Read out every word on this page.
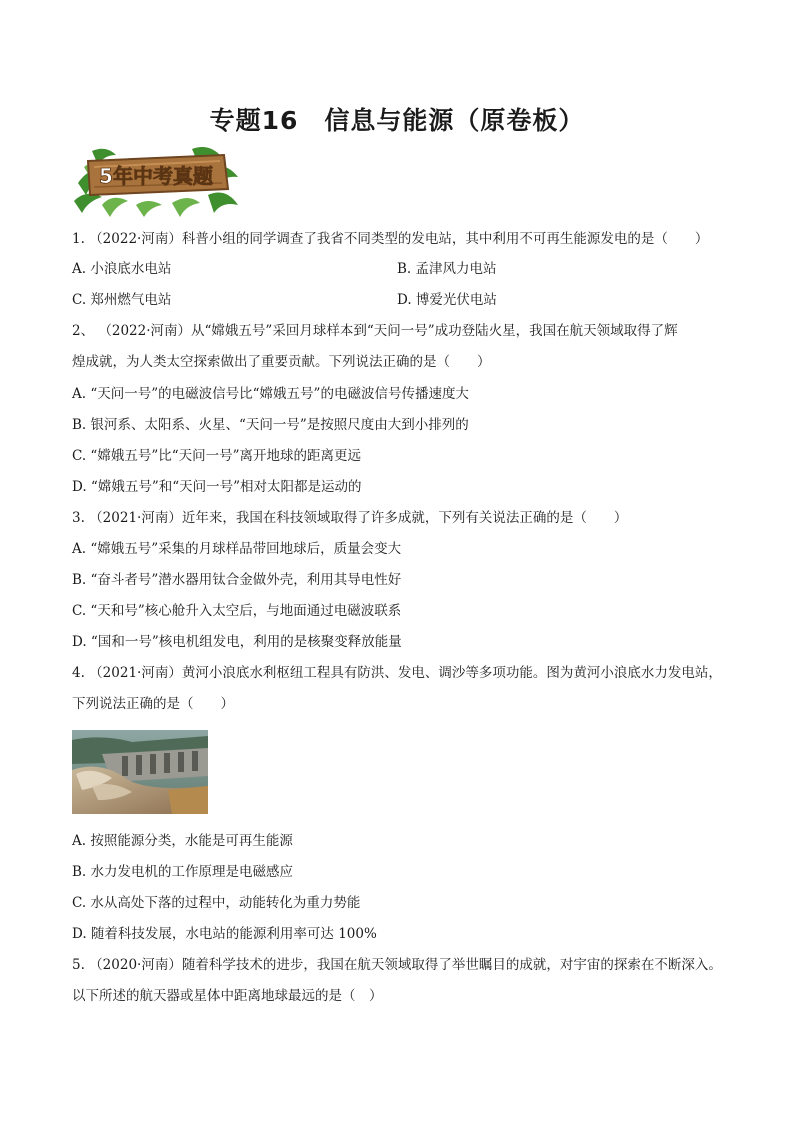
专题16　信息与能源（原卷板）
5年中考真题
1. （2022·河南）科普小组的同学调查了我省不同类型的发电站，其中利用不可再生能源发电的是（　　）
A. 小浪底水电站	B. 孟津风力电站
C. 郑州燃气电站	D. 博爱光伏电站
2、 （2022·河南）从“嫦娥五号”采回月球样本到“天问一号”成功登陆火星，我国在航天领域取得了辉
煌成就，为人类太空探索做出了重要贡献。下列说法正确的是（　　）
A. “天问一号”的电磁波信号比“嫦娥五号”的电磁波信号传播速度大
B. 银河系、太阳系、火星、“天问一号”是按照尺度由大到小排列的
C. “嫦娥五号”比“天问一号”离开地球的距离更远
D. “嫦娥五号”和“天问一号”相对太阳都是运动的
3. （2021·河南）近年来，我国在科技领域取得了许多成就，下列有关说法正确的是（　　）
A. “嫦娥五号”采集的月球样品带回地球后，质量会变大
B. “奋斗者号”潜水器用钛合金做外壳，利用其导电性好
C. “天和号”核心舱升入太空后，与地面通过电磁波联系
D. “国和一号”核电机组发电，利用的是核聚变释放能量
4. （2021·河南）黄河小浪底水利枢纽工程具有防洪、发电、调沙等多项功能。图为黄河小浪底水力发电站，
下列说法正确的是（　　）
A. 按照能源分类，水能是可再生能源
B. 水力发电机的工作原理是电磁感应
C. 水从高处下落的过程中，动能转化为重力势能
D. 随着科技发展，水电站的能源利用率可达 100%
5. （2020·河南）随着科学技术的进步，我国在航天领域取得了举世瞩目的成就，对宇宙的探索在不断深入。
以下所述的航天器或星体中距离地球最远的是（　）
